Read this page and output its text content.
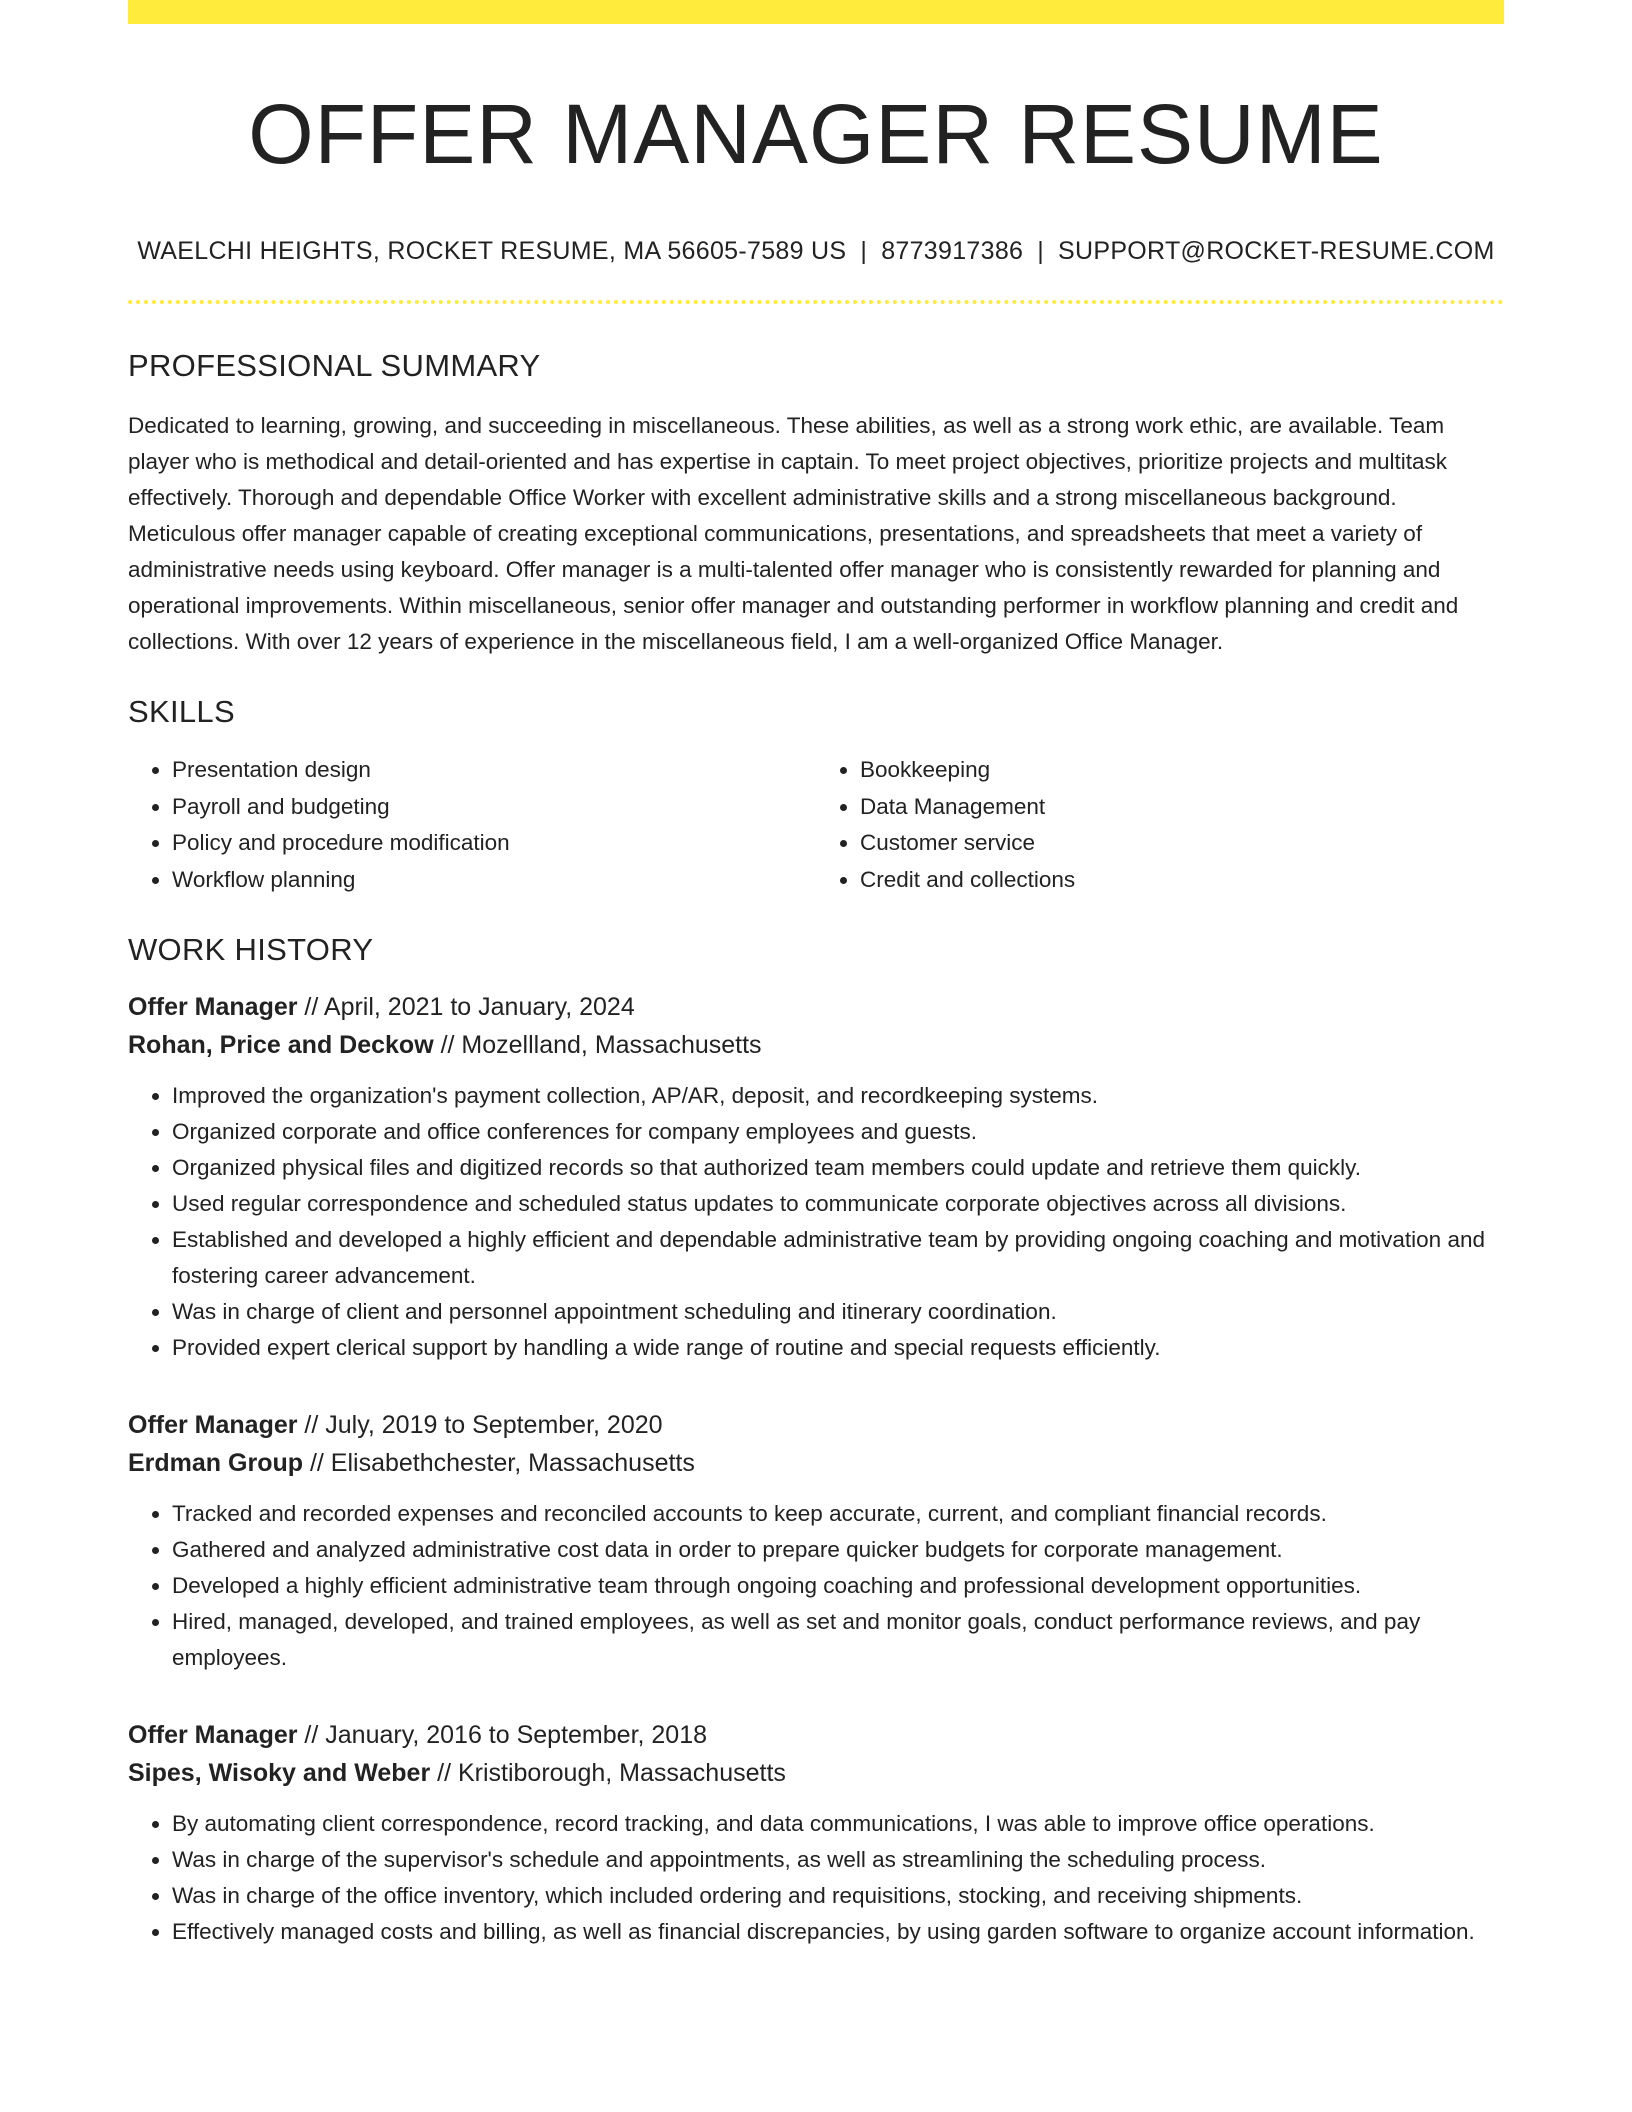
OFFER MANAGER RESUME
WAELCHI HEIGHTS, ROCKET RESUME, MA 56605-7589 US | 8773917386 | SUPPORT@ROCKET-RESUME.COM
PROFESSIONAL SUMMARY

Dedicated to learning, growing, and succeeding in miscellaneous. These abilities, as well as a strong work ethic, are available. Team player who is methodical and detail-oriented and has expertise in captain. To meet project objectives, prioritize projects and multitask effectively. Thorough and dependable Office Worker with excellent administrative skills and a strong miscellaneous background. Meticulous offer manager capable of creating exceptional communications, presentations, and spreadsheets that meet a variety of administrative needs using keyboard. Offer manager is a multi-talented offer manager who is consistently rewarded for planning and operational improvements. Within miscellaneous, senior offer manager and outstanding performer in workflow planning and credit and collections. With over 12 years of experience in the miscellaneous field, I am a well-organized Office Manager.

SKILLS
• Presentation design
• Payroll and budgeting
• Policy and procedure modification
• Workflow planning
• Bookkeeping
• Data Management
• Customer service
• Credit and collections
WORK HISTORY
Offer Manager // April, 2021 to January, 2024
Rohan, Price and Deckow // Mozellland, Massachusetts
• Improved the organization's payment collection, AP/AR, deposit, and recordkeeping systems.
• Organized corporate and office conferences for company employees and guests.
• Organized physical files and digitized records so that authorized team members could update and retrieve them quickly.
• Used regular correspondence and scheduled status updates to communicate corporate objectives across all divisions.
• Established and developed a highly efficient and dependable administrative team by providing ongoing coaching and motivation and fostering career advancement.
• Was in charge of client and personnel appointment scheduling and itinerary coordination.
• Provided expert clerical support by handling a wide range of routine and special requests efficiently.
Offer Manager // July, 2019 to September, 2020
Erdman Group // Elisabethchester, Massachusetts
• Tracked and recorded expenses and reconciled accounts to keep accurate, current, and compliant financial records.
• Gathered and analyzed administrative cost data in order to prepare quicker budgets for corporate management.
• Developed a highly efficient administrative team through ongoing coaching and professional development opportunities.
• Hired, managed, developed, and trained employees, as well as set and monitor goals, conduct performance reviews, and pay employees.
Offer Manager // January, 2016 to September, 2018
Sipes, Wisoky and Weber // Kristiborough, Massachusetts
• By automating client correspondence, record tracking, and data communications, I was able to improve office operations.
• Was in charge of the supervisor's schedule and appointments, as well as streamlining the scheduling process.
• Was in charge of the office inventory, which included ordering and requisitions, stocking, and receiving shipments.
• Effectively managed costs and billing, as well as financial discrepancies, by using garden software to organize account information.
